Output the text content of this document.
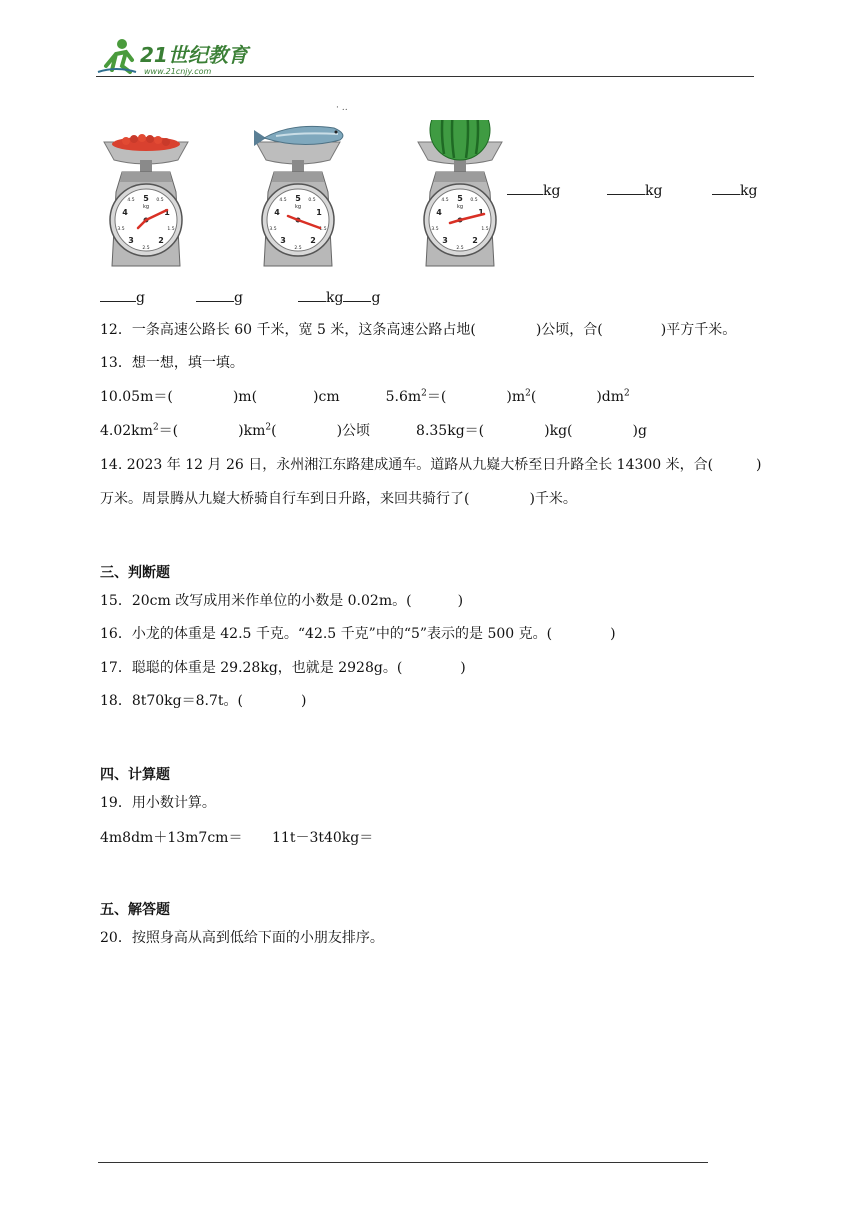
21世纪教育
www.21cnjy.com
· ‥
kg	kg	kg
g	g	kg g
12．一条高速公路长 60 千米，宽 5 米，这条高速公路占地(	)公顷，合(	)平方千米。
13．想一想，填一填。
10.05m＝(	)m(	)cm	$5.6m^2=$(	)$m^2$(	)$dm^2$
$4.02km^2=$(	)$km^2$(	)公顷	8.35kg＝(	)kg(	)g
14. 2023 年 12 月 26 日，永州湘江东路建成通车。道路从九嶷大桥至日升路全长 14300 米，合(	)
万米。周景腾从九嶷大桥骑自行车到日升路，来回共骑行了(	)千米。
三、判断题
15．20cm 改写成用米作单位的小数是 0.02m。(	)
16．小龙的体重是 42.5 千克。“42.5 千克”中的“5”表示的是 500 克。(	)
17．聪聪的体重是 29.28kg，也就是 2928g。(	)
18．8t70kg＝8.7t。(	)
四、计算题
19．用小数计算。
4m8dm＋13m7cm＝ 11t－3t40kg＝
五、解答题
20．按照身高从高到低给下面的小朋友排序。
